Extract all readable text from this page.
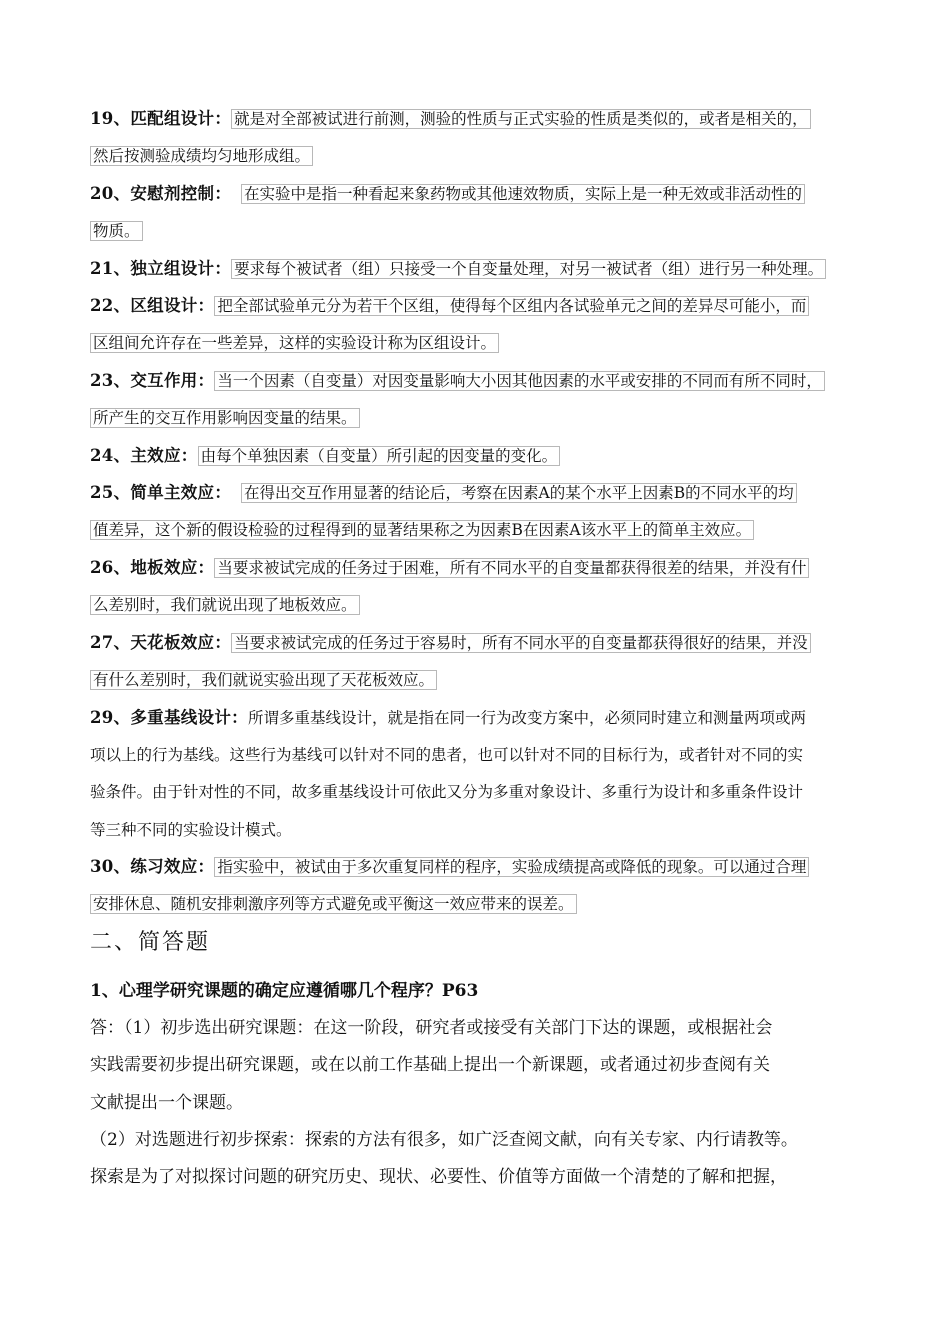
19、匹配组设计： 就是对全部被试进行前测，测验的性质与正式实验的性质是类似的，或者是相关的，
然后按测验成绩均匀地形成组。
20、安慰剂控制： 在实验中是指一种看起来象药物或其他速效物质，实际上是一种无效或非活动性的
物质。
21、独立组设计： 要求每个被试者（组）只接受一个自变量处理，对另一被试者（组）进行另一种处理。
22、区组设计： 把全部试验单元分为若干个区组，使得每个区组内各试验单元之间的差异尽可能小，而
区组间允许存在一些差异，这样的实验设计称为区组设计。
23、交互作用： 当一个因素（自变量）对因变量影响大小因其他因素的水平或安排的不同而有所不同时，
所产生的交互作用影响因变量的结果。
24、主效应： 由每个单独因素（自变量）所引起的因变量的变化。
25、简单主效应： 在得出交互作用显著的结论后，考察在因素A的某个水平上因素B的不同水平的均
值差异，这个新的假设检验的过程得到的显著结果称之为因素B在因素A该水平上的简单主效应。
26、地板效应： 当要求被试完成的任务过于困难，所有不同水平的自变量都获得很差的结果，并没有什
么差别时，我们就说出现了地板效应。
27、天花板效应： 当要求被试完成的任务过于容易时，所有不同水平的自变量都获得很好的结果，并没
有什么差别时，我们就说实验出现了天花板效应。
29、多重基线设计：所谓多重基线设计，就是指在同一行为改变方案中，必须同时建立和测量两项或两
项以上的行为基线。这些行为基线可以针对不同的患者，也可以针对不同的目标行为，或者针对不同的实
验条件。由于针对性的不同，故多重基线设计可依此又分为多重对象设计、多重行为设计和多重条件设计
等三种不同的实验设计模式。
30、练习效应： 指实验中，被试由于多次重复同样的程序，实验成绩提高或降低的现象。可以通过合理
安排休息、随机安排刺激序列等方式避免或平衡这一效应带来的误差。
二、简答题
1、心理学研究课题的确定应遵循哪几个程序？P63
答：（1）初步选出研究课题：在这一阶段，研究者或接受有关部门下达的课题，或根据社会
实践需要初步提出研究课题，或在以前工作基础上提出一个新课题，或者通过初步查阅有关
文献提出一个课题。
（2）对选题进行初步探索：探索的方法有很多，如广泛查阅文献，向有关专家、内行请教等。
探索是为了对拟探讨问题的研究历史、现状、必要性、价值等方面做一个清楚的了解和把握，
